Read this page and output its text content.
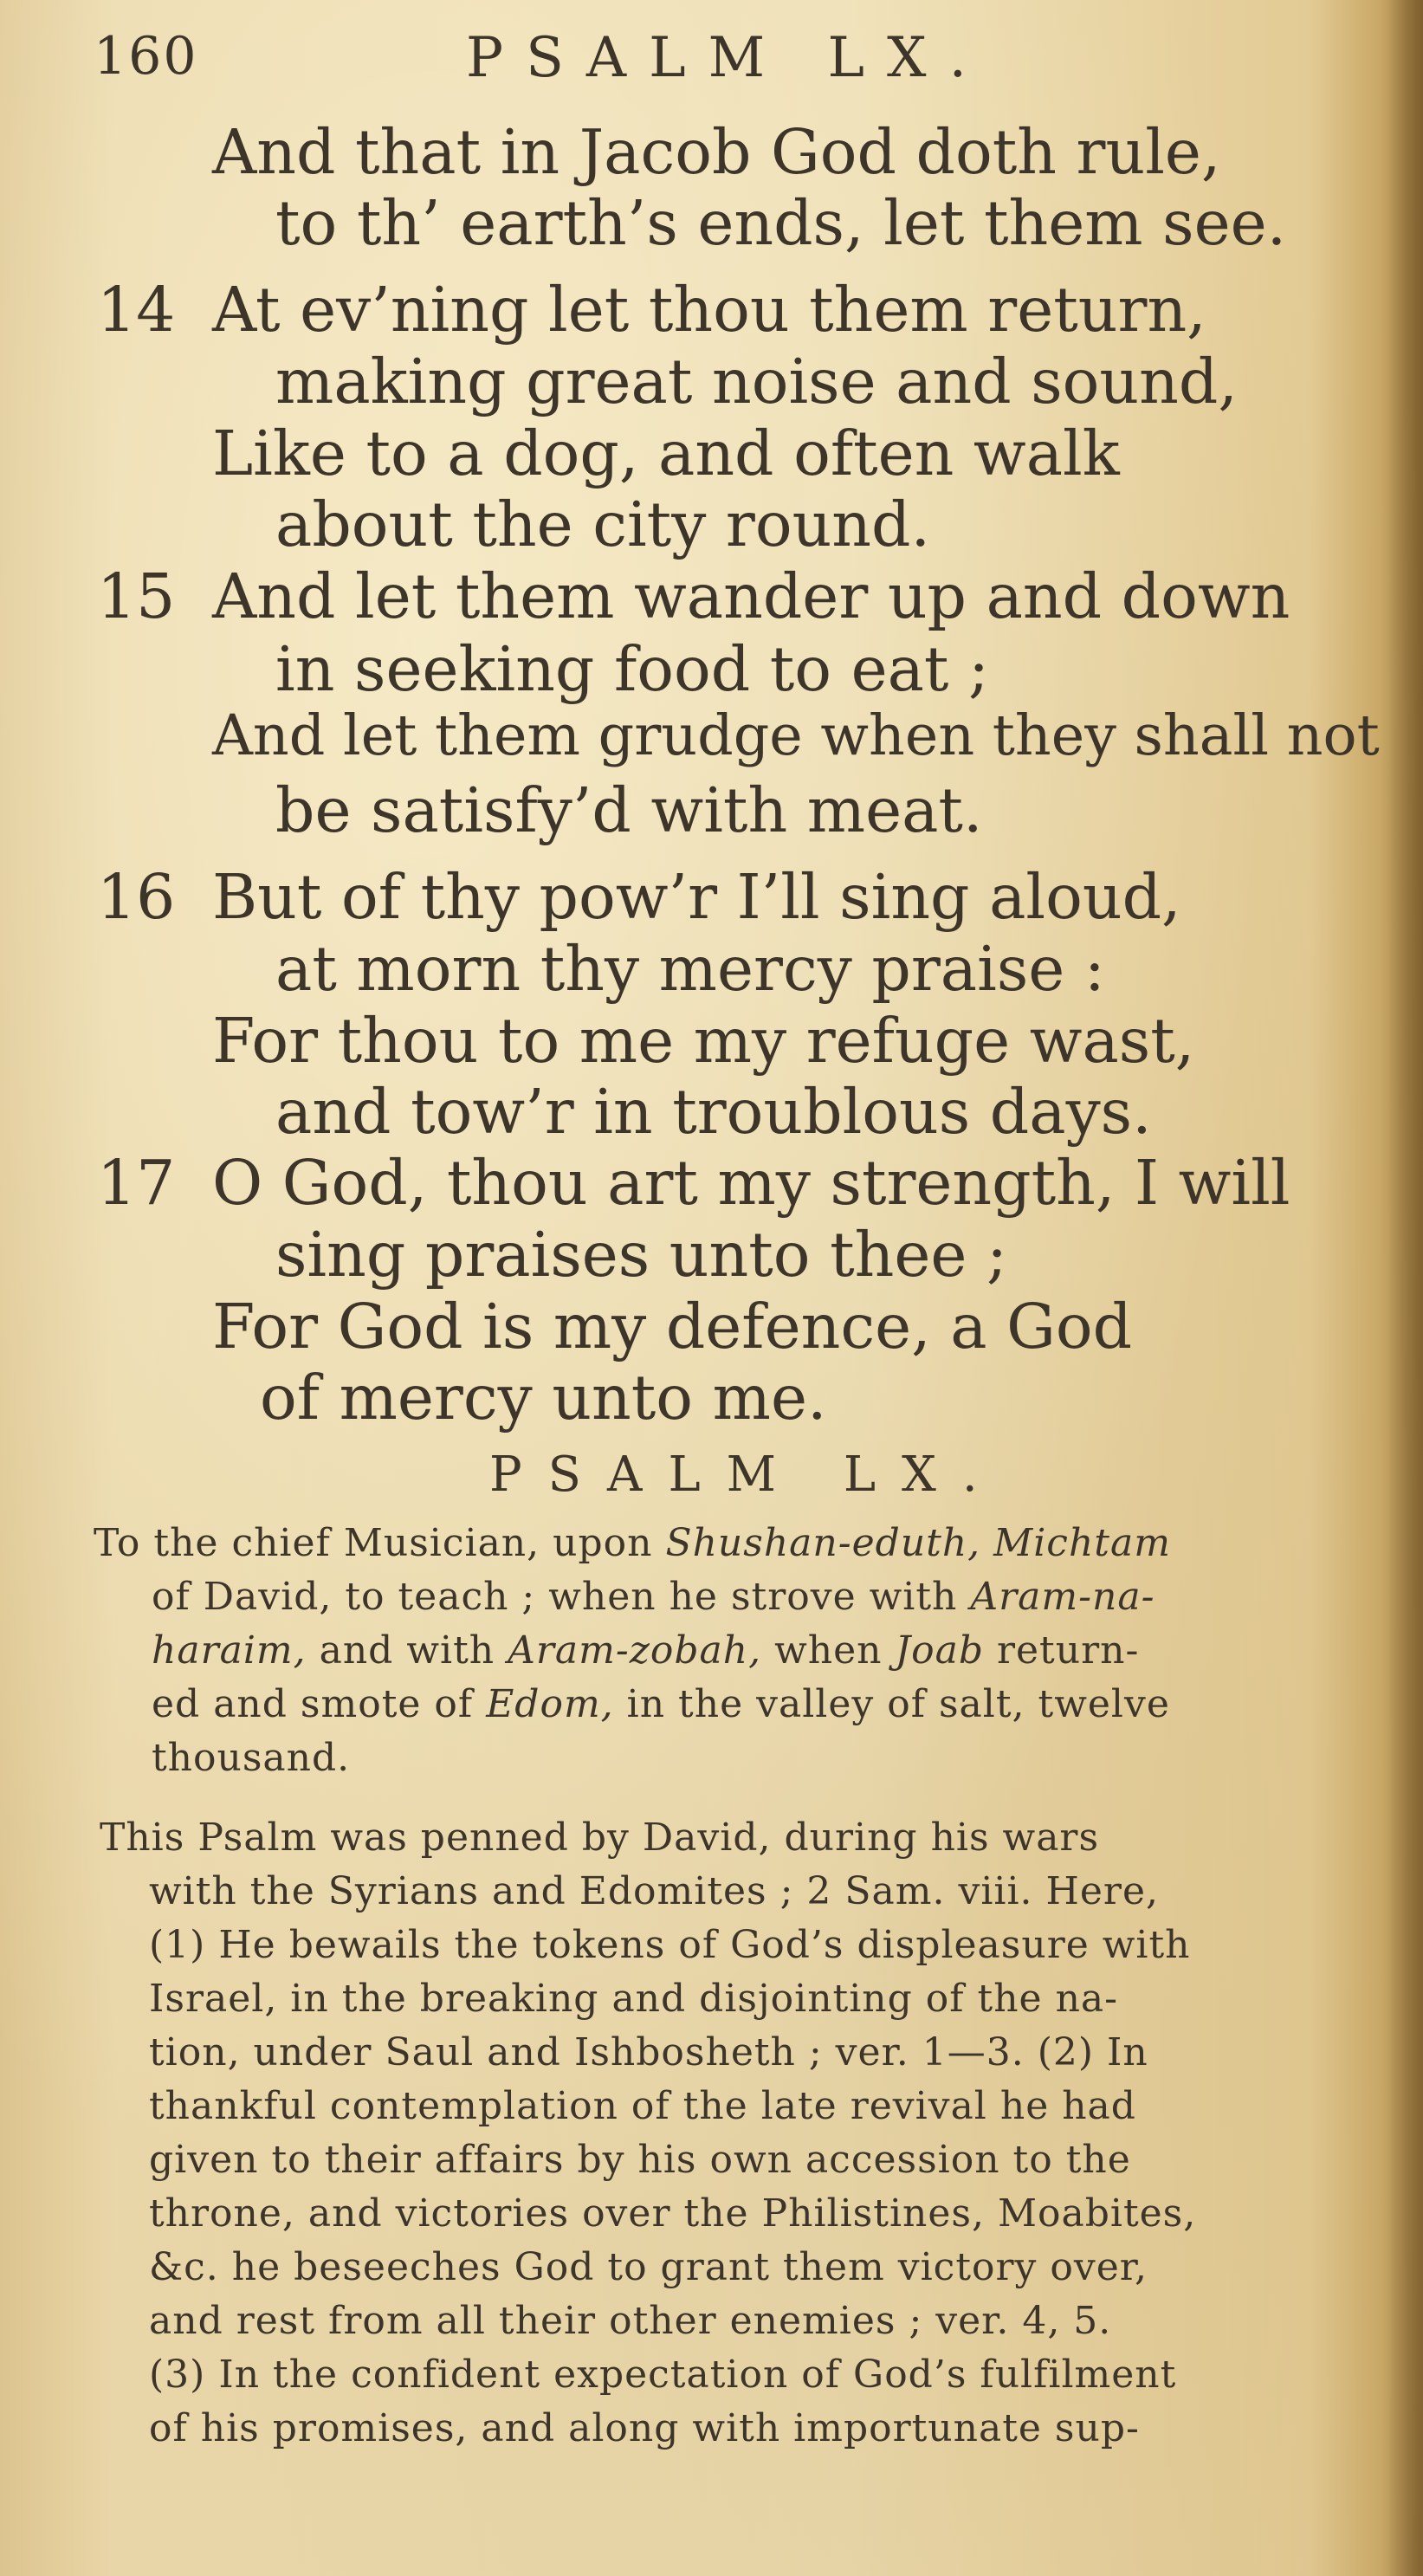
160	PSALM LX.
And that in Jacob God doth rule,
to th’ earth’s ends, let them see.
14 At ev’ning let thou them return,
making great noise and sound,
Like to a dog, and often walk
about the city round.
15 And let them wander up and down
in seeking food to eat ;
And let them grudge when they shall not
be satisfy’d with meat.
16 But of thy pow’r I’ll sing aloud,
at morn thy mercy praise :
For thou to me my refuge wast,
and tow’r in troublous days.
17 O God, thou art my strength, I will
sing praises unto thee ;
For God is my defence, a God
of mercy unto me.
PSALM LX.
To the chief Musician, upon Shushan-eduth, Michtam
of David, to teach ; when he strove with Aram-na-
haraim, and with Aram-zobah, when Joab return-
ed and smote of Edom, in the valley of salt, twelve
thousand.
This Psalm was penned by David, during his wars
with the Syrians and Edomites ; 2 Sam. viii. Here,
(1) He bewails the tokens of God’s displeasure with
Israel, in the breaking and disjointing of the na-
tion, under Saul and Ishbosheth ; ver. 1—3. (2) In
thankful contemplation of the late revival he had
given to their affairs by his own accession to the
throne, and victories over the Philistines, Moabites,
&c. he beseeches God to grant them victory over,
and rest from all their other enemies ; ver. 4, 5.
(3) In the confident expectation of God’s fulfilment
of his promises, and along with importunate sup-
